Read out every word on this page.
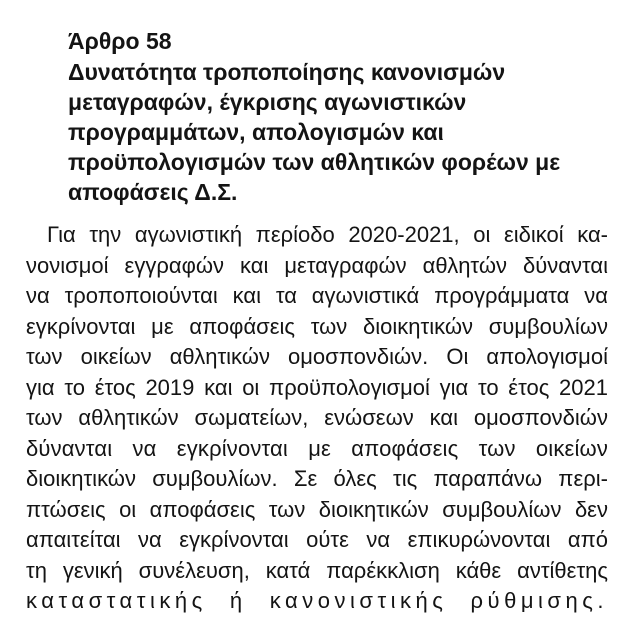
Άρθρο 58
Δυνατότητα τροποποίησης κανονισμών
μεταγραφών, έγκρισης αγωνιστικών
προγραμμάτων, απολογισμών και
προϋπολογισμών των αθλητικών φορέων με
αποφάσεις Δ.Σ.
Για την αγωνιστική περίοδο 2020-2021, οι ειδικοί κα-
νονισμοί εγγραφών και μεταγραφών αθλητών δύνανται
να τροποποιούνται και τα αγωνιστικά προγράμματα να
εγκρίνονται με αποφάσεις των διοικητικών συμβουλίων
των οικείων αθλητικών ομοσπονδιών. Οι απολογισμοί
για το έτος 2019 και οι προϋπολογισμοί για το έτος 2021
των αθλητικών σωματείων, ενώσεων και ομοσπονδιών
δύνανται να εγκρίνονται με αποφάσεις των οικείων
διοικητικών συμβουλίων. Σε όλες τις παραπάνω περι-
πτώσεις οι αποφάσεις των διοικητικών συμβουλίων δεν
απαιτείται να εγκρίνονται ούτε να επικυρώνονται από
τη γενική συνέλευση, κατά παρέκκλιση κάθε αντίθετης
καταστατικής ή κανονιστικής ρύθμισης.
